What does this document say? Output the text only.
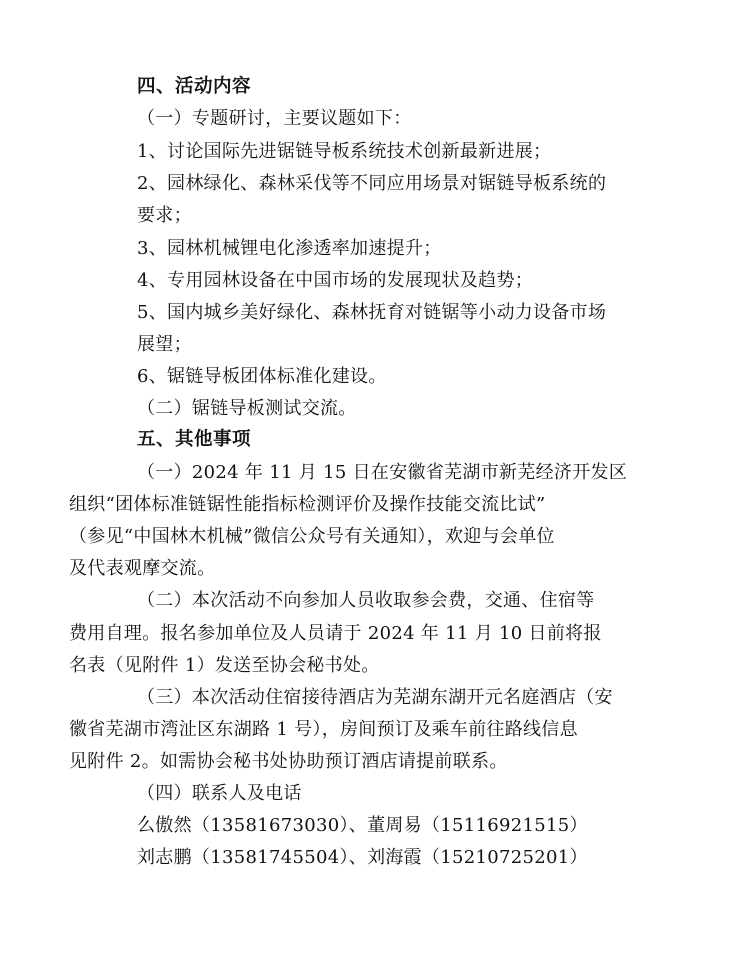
四、活动内容
（一）专题研讨，主要议题如下：
1、讨论国际先进锯链导板系统技术创新最新进展；
2、园林绿化、森林采伐等不同应用场景对锯链导板系统的
要求；
3、园林机械锂电化渗透率加速提升；
4、专用园林设备在中国市场的发展现状及趋势；
5、国内城乡美好绿化、森林抚育对链锯等小动力设备市场
展望；
6、锯链导板团体标准化建设。
（二）锯链导板测试交流。
五、其他事项
（一）2024 年 11 月 15 日在安徽省芜湖市新芜经济开发区
组织“团体标准链锯性能指标检测评价及操作技能交流比试”
（参见“中国林木机械”微信公众号有关通知），欢迎与会单位
及代表观摩交流。
（二）本次活动不向参加人员收取参会费，交通、住宿等
费用自理。报名参加单位及人员请于 2024 年 11 月 10 日前将报
名表（见附件 1）发送至协会秘书处。
（三）本次活动住宿接待酒店为芜湖东湖开元名庭酒店（安
徽省芜湖市湾沚区东湖路 1 号），房间预订及乘车前往路线信息
见附件 2。如需协会秘书处协助预订酒店请提前联系。
（四）联系人及电话
么傲然（13581673030）、董周易（15116921515）
刘志鹏（13581745504）、刘海霞（15210725201）
